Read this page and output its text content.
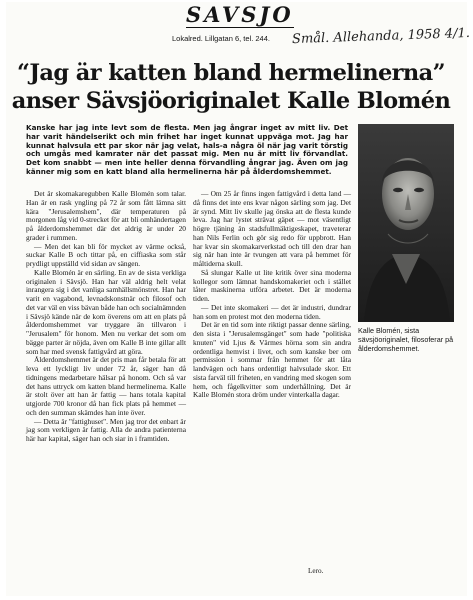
SAVSJO
Lokalred. Lillgatan 6, tel. 244. Smål. Allehanda, 1958 4/1.
“Jag är katten bland hermelinerna”
anser Sävsjöoriginalet Kalle Blomén
Kanske har jag inte levt som de flesta. Men jag ångrar inget av mitt liv. Det har varit händelserikt och min frihet har inget kunnat uppväga mot. Jag har kunnat halvsula ett par skor när jag velat, hals-a några öl när jag varit törstig och umgås med kamrater när det passat mig. Men nu är mitt liv förvandlat. Det kom snabbt — men inte heller denna förvandling ångrar jag. Även om jag känner mig som en katt bland alla hermelinerna här på ålderdomshemmet.

Det är skomakaregubben Kalle Blomén som talar. Han är en rask yngling på 72 år som fått lämna sitt kära "Jerusalemshem", där temperaturen på morgonen låg vid 0-strecket för att bli omhändertagen på ålderdomshemmet där det aldrig är under 20 grader i rummen.

— Men det kan bli för mycket av värme också, suckar Kalle B och tittar på, en ciffiaska som står prydligt uppställd vid sidan av sängen.

Kalle Blomén är en särling. En av de sista verkliga originalen i Sävsjö. Han har väl aldrig helt velat inrangera sig i det vanliga samhällsmönstret. Han har varit en vagabond, levnadskonstnär och filosof och det var väl en viss bävan både han och socialnämnden i Sävsjö kände när de kom överens om att en plats på ålderdomshemmet var tryggare än tillvaron i "Jerusalem" för honom. Men nu verkar det som om bägge parter är nöjda, även om Kalle B inte gillar allt som har med svensk fattigvård att göra.

Ålderdomshemmet är det pris man får betala för att leva ett lyckligt liv under 72 år, säger han då tidningens medarbetare hälsar på honom. Och så var det hans uttryck om katten bland hermelinerna. Kalle är stolt över att han är fattig — hans totala kapital utgjorde 700 kronor då han fick plats på hemmet — och den summan skämdes han inte över.

— Detta är "fattighuset". Men jag tror det enbart är jag som verkligen är fattig. Alla de andra patienterna här har kapital, säger han och siar in i framtiden.

— Om 25 år finns ingen fattigvård i detta land — då finns det inte ens kvar någon särling som jag. Det är synd. Mitt liv skulle jag önska att de flesta kunde leva. Jag har lystet strävat gäpet — mot väsentligt högre tjäning än stadsfullmäktigeskapet, traveterar han Nils Ferlin och gör sig redo för uppbrott. Han har kvar sin skomakarverkstad och till den drar han sig när han inte är tvungen att vara på hemmet för måltiderna skull.

Så slungar Kalle ut lite kritik över sina moderna kollegor som lämnat handskomakeriet och i stället låter maskinerna utföra arbetet. Det är moderna tiden.

— Det inte skomakeri — det är industri, dundrar han som en protest mot den moderna tiden.

Det är en tid som inte riktigt passar denne särling, den sista i "Jerusalemsgänget" som hade "politiska knuten" vid Ljus & Värmes hörna som sin andra ordentliga hemvist i livet, och som kanske ber om permission i sommar från hemmet för att låta landvägen och hans ordentligt halvsulade skor. Ett sista farväl till friheten, en vandring med skogen som hem, och fågelkvitter som underhållning. Det är Kalle Blomén stora dröm under vinterkalla dagar.

Kalle Blomén, sista sävsjöoriginalet, filosoferar på ålderdomshemmet.
Lero.
